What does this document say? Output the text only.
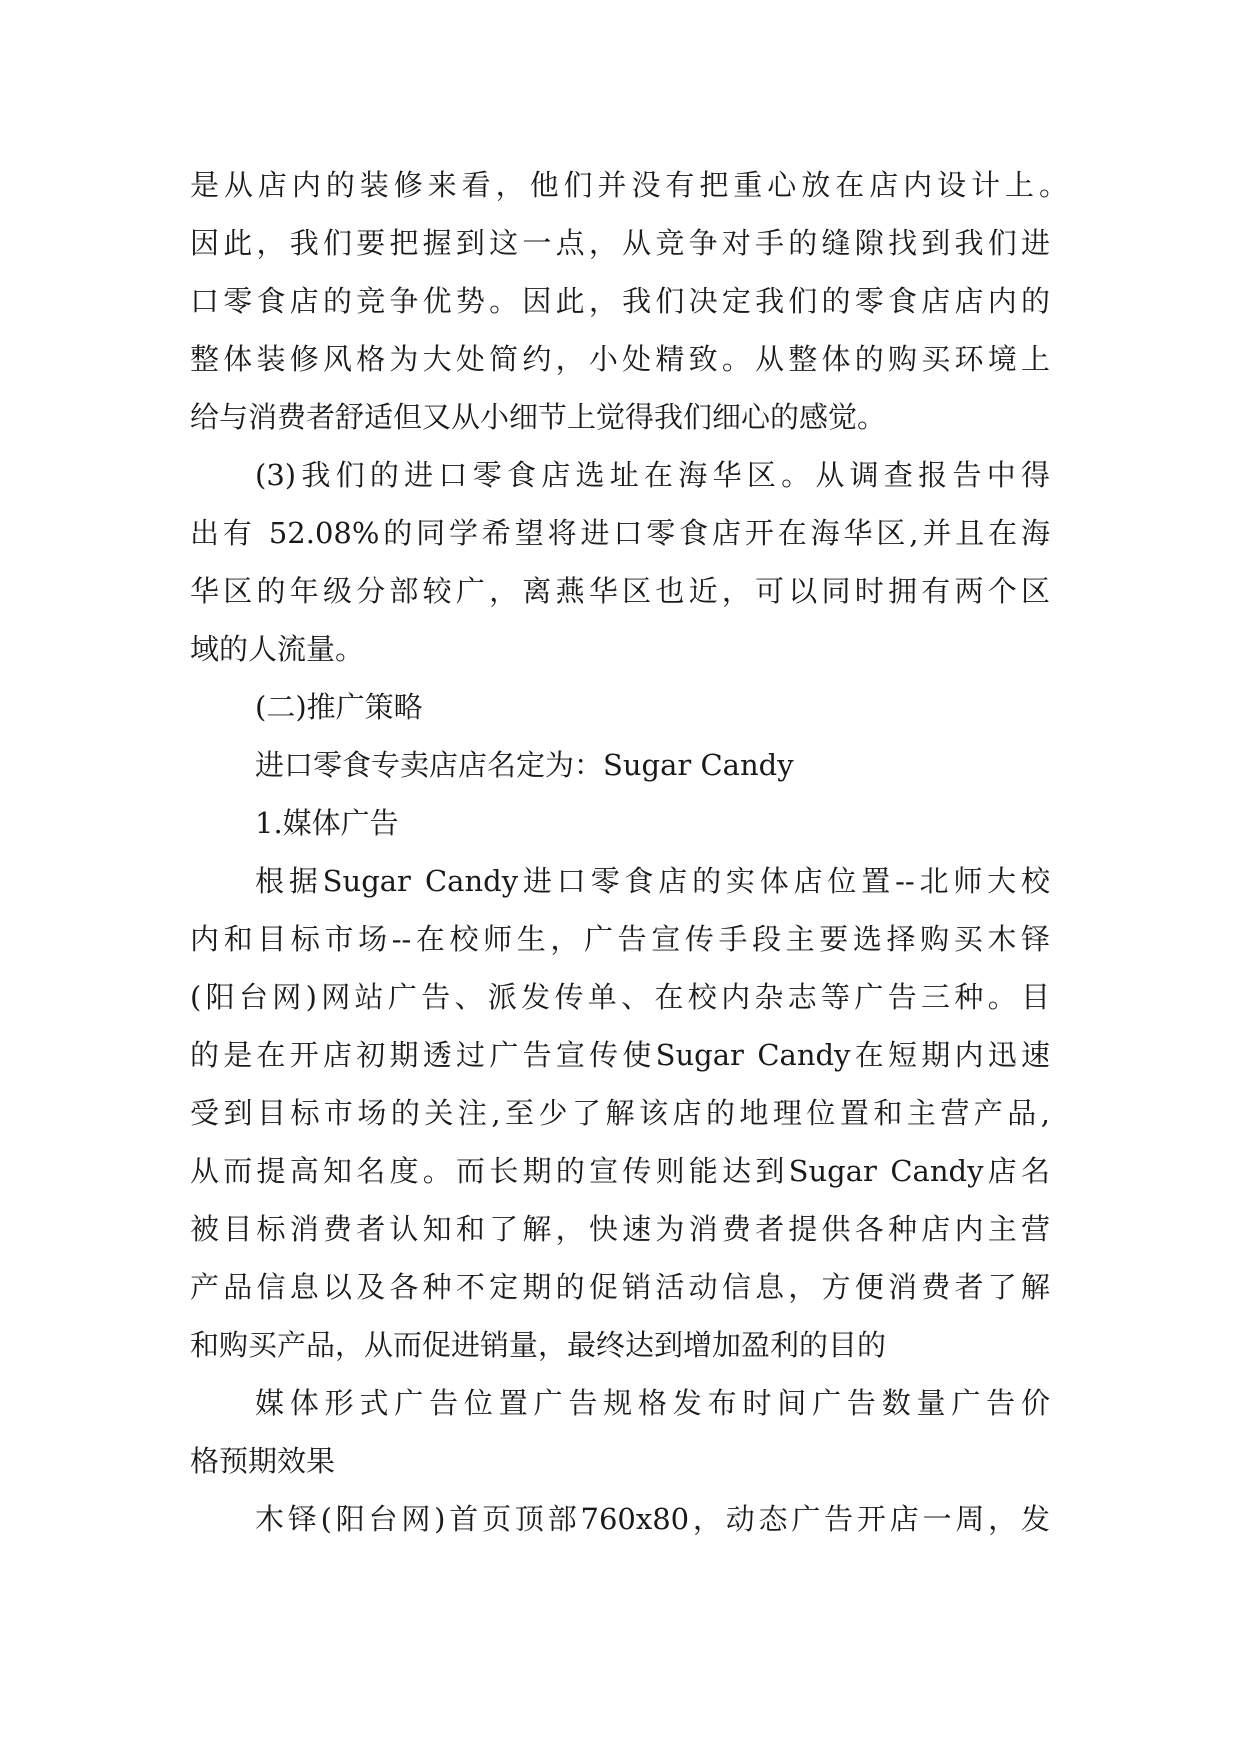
是从店内的装修来看，他们并没有把重心放在店内设计上。
因此，我们要把握到这一点，从竞争对手的缝隙找到我们进
口零食店的竞争优势。因此，我们决定我们的零食店店内的
整体装修风格为大处简约，小处精致。从整体的购买环境上
给与消费者舒适但又从小细节上觉得我们细心的感觉。
(3)我们的进口零食店选址在海华区。从调查报告中得
出有 52.08%的同学希望将进口零食店开在海华区,并且在海
华区的年级分部较广，离燕华区也近，可以同时拥有两个区
域的人流量。
(二)推广策略
进口零食专卖店店名定为：Sugar Candy
1.媒体广告
根据Sugar Candy进口零食店的实体店位置--北师大校
内和目标市场--在校师生，广告宣传手段主要选择购买木铎
(阳台网)网站广告、派发传单、在校内杂志等广告三种。目
的是在开店初期透过广告宣传使Sugar Candy在短期内迅速
受到目标市场的关注,至少了解该店的地理位置和主营产品,
从而提高知名度。而长期的宣传则能达到Sugar Candy店名
被目标消费者认知和了解，快速为消费者提供各种店内主营
产品信息以及各种不定期的促销活动信息，方便消费者了解
和购买产品，从而促进销量，最终达到增加盈利的目的
媒体形式广告位置广告规格发布时间广告数量广告价
格预期效果
木铎(阳台网)首页顶部760x80，动态广告开店一周，发
